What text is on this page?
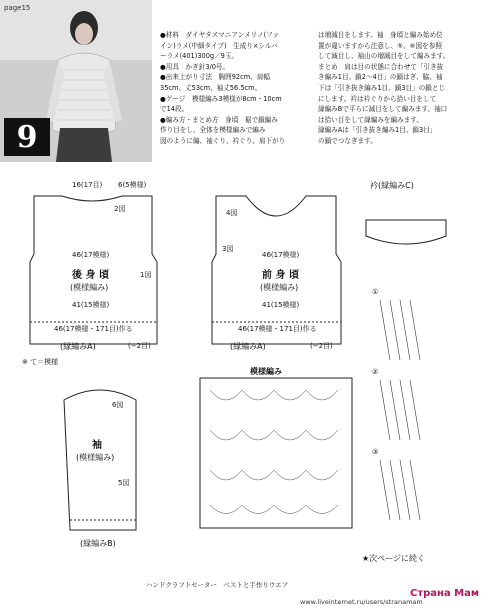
page15
9

●材料　ダイヤタスマニアンメリノ(ファ

イン)ラメ(中細タイプ)　生成り×シルバ

ーラメ(401)300g／9玉。

●用具　かぎ針3/0号。

●出来上がり寸法　胸囲92cm、肩幅

35cm、丈53cm、袖丈56.5cm。

●ゲージ　模様編み3模様が8cm・10cm

で14段。

●編み方・まとめ方　身頃　裾で鎖編み

作り目をし、全体を模様編みで編み

図のように編、袖ぐり、衿ぐり、肩下がり

は増減目をします。袖　身頃と編み始め位

置が違いますから注意し、⑤、⑥図を参照

して減目し、袖山の増減目をして編みます。

まとめ　肩は目の状態に合わせて「引き抜

き編み1目、鎖2〜4目」の鎖はぎ、脇、袖

下は「引き抜き編み1目、鎖3目」の鎖とじ

にします。衿は衿ぐりから拾い目をして

縁編みBで平らに減目をして編みます。袖口

は拾い目をして縁編みを編みます。

縁編みAは「引き抜き編み1目、鎖3目」

の鎖でつなぎます。

16(17目) 6(5模様)
2図
1図
46(17模様)
後 身 頃
(模様編み)
41(15模様)
46(17模様・171目)作る
(縁編みA)	(−2目)
※ て＝模様
4図
3図
46(17模様)
前 身 頃
(模様編み)
41(15模様)
46(17模様・171目)作る
(縁編みA)	(−2目)
衿(縁編みC)
6図
袖
(模様編み)
5図
(縁編みB)
模様編み
①
②
③
★次ページに続く
ハンドクラフトセーター　ベストと手作りウエア
www.liveinternet.ru/users/stranamam
Страна Мам
